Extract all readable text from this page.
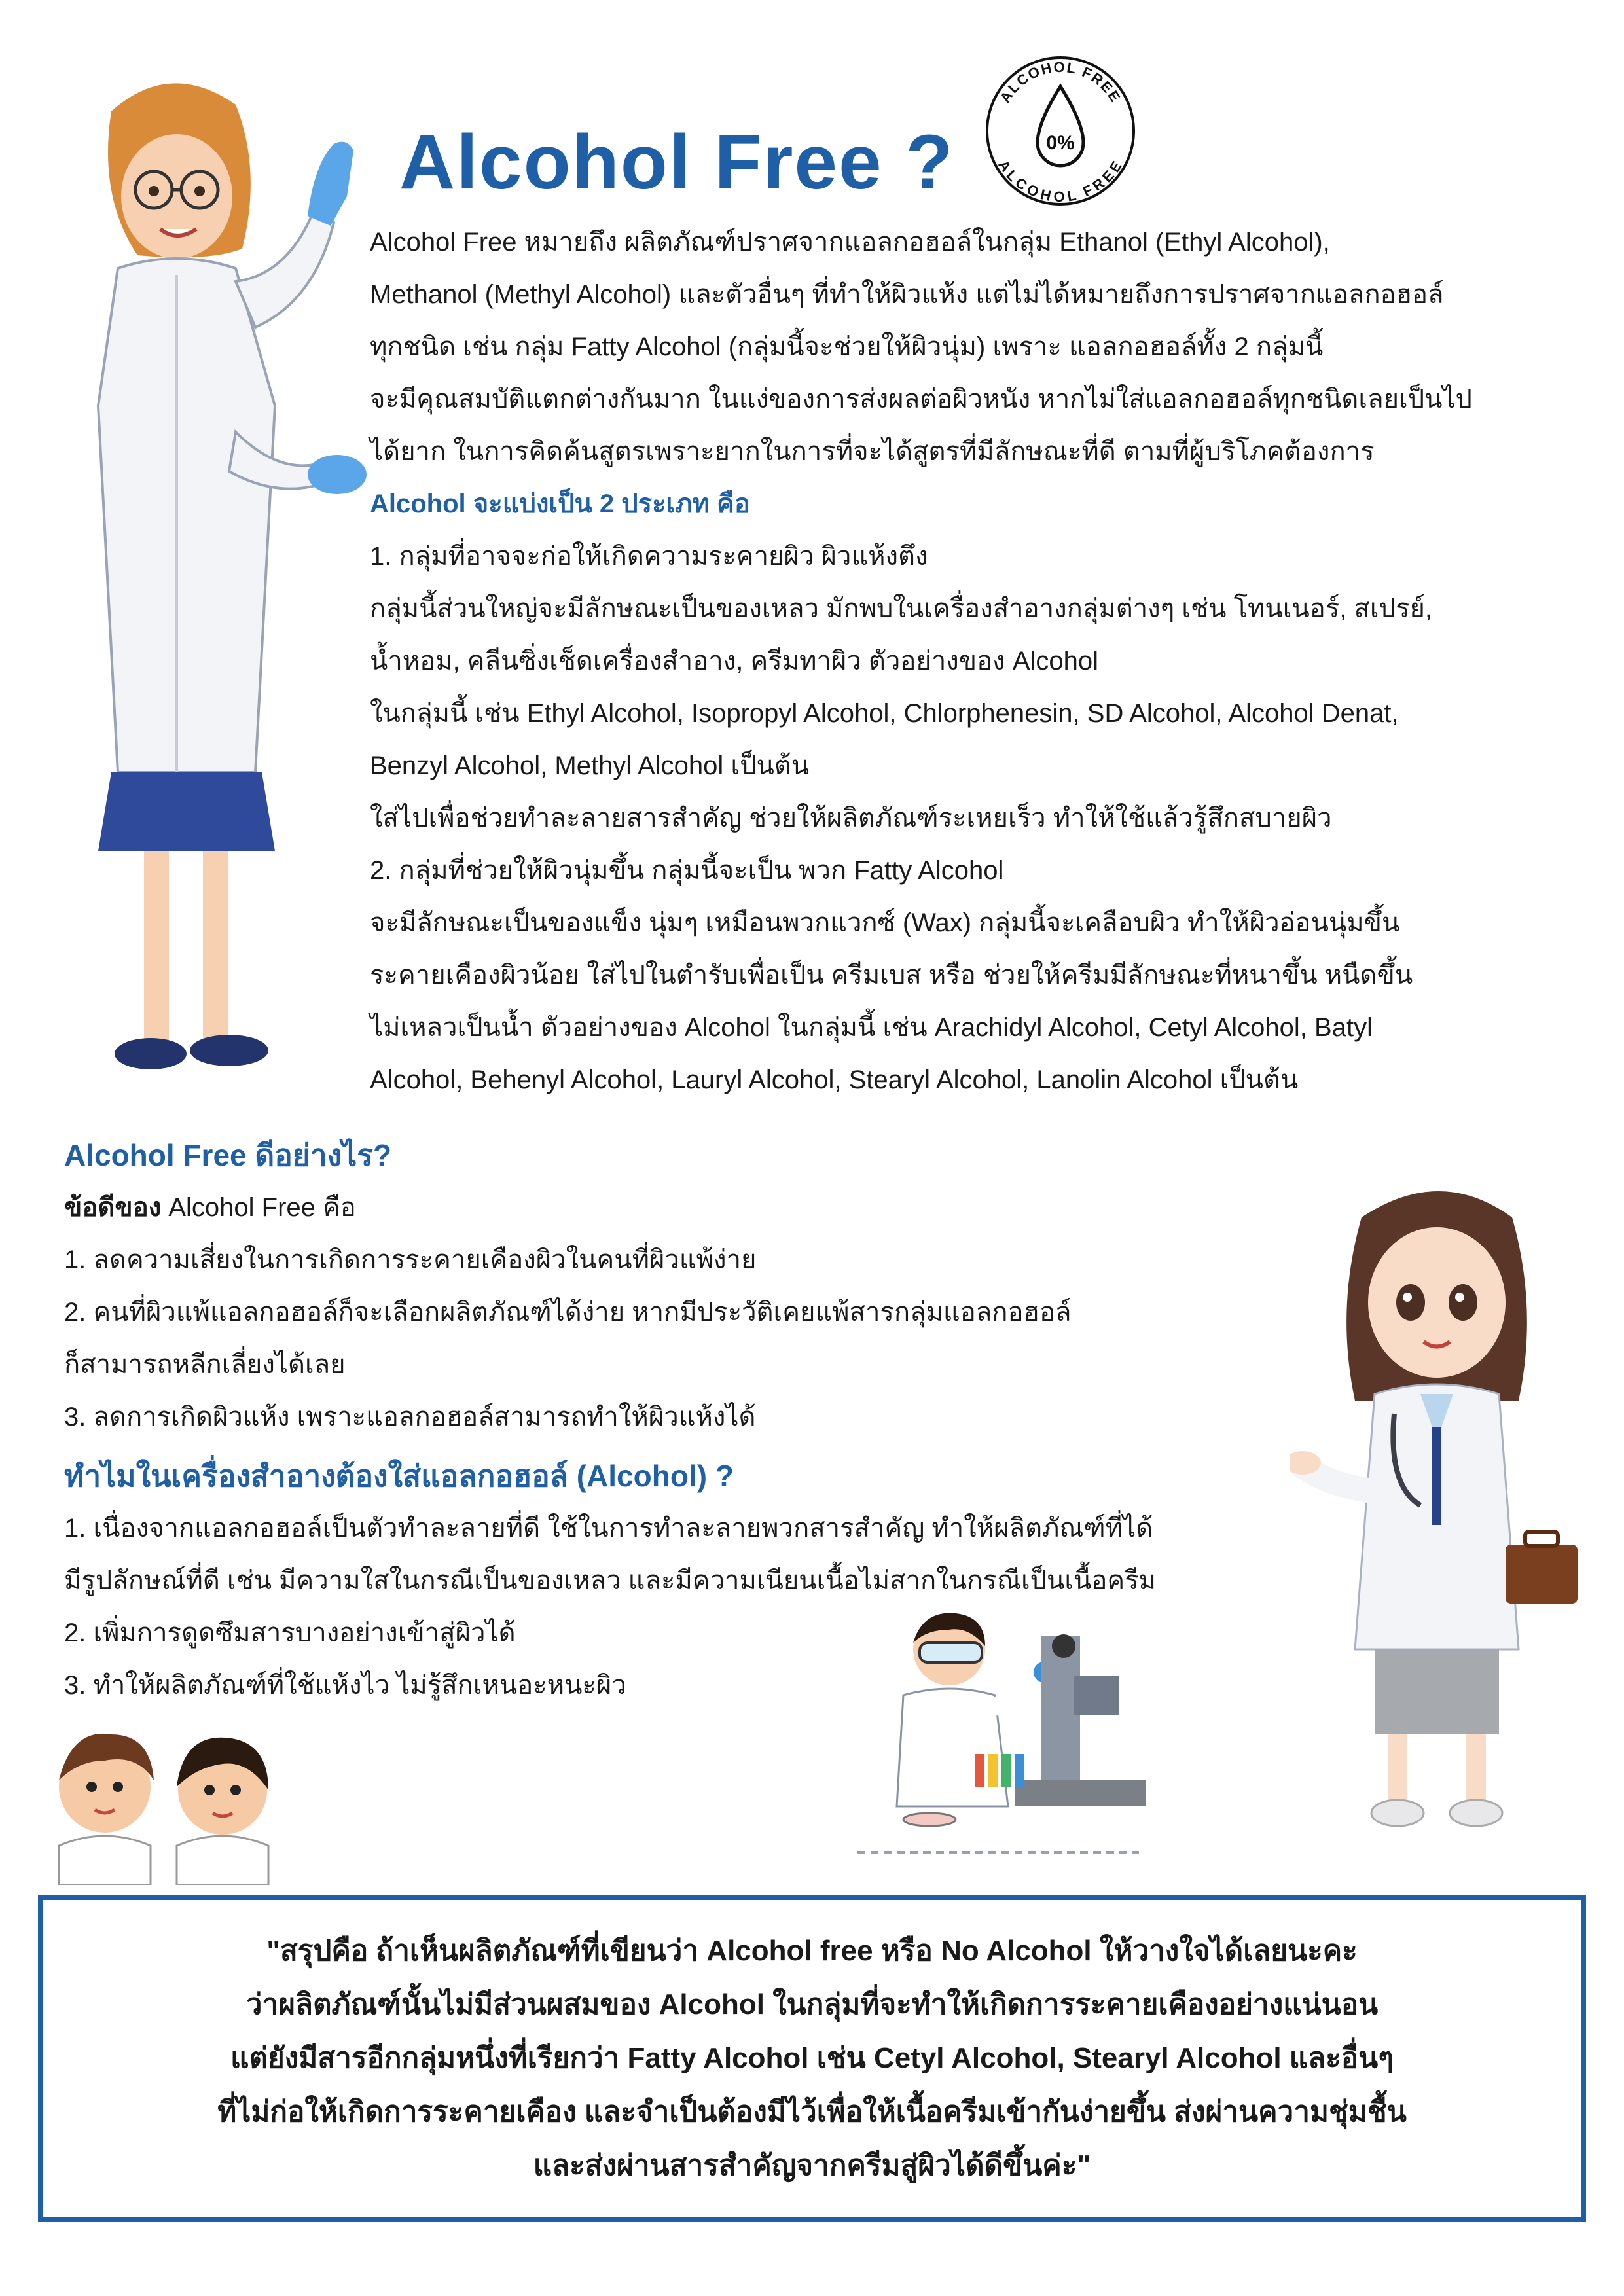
Alcohol Free ?
ALCOHOL FREE
ALCOHOL FREE
0%

Alcohol Free หมายถึง ผลิตภัณฑ์ปราศจากแอลกอฮอล์ในกลุ่ม Ethanol (Ethyl Alcohol),

Methanol (Methyl Alcohol) และตัวอื่นๆ ที่ทำให้ผิวแห้ง แต่ไม่ได้หมายถึงการปราศจากแอลกอฮอล์

ทุกชนิด เช่น กลุ่ม Fatty Alcohol (กลุ่มนี้จะช่วยให้ผิวนุ่ม) เพราะ แอลกอฮอล์ทั้ง 2 กลุ่มนี้

จะมีคุณสมบัติแตกต่างกันมาก ในแง่ของการส่งผลต่อผิวหนัง หากไม่ใส่แอลกอฮอล์ทุกชนิดเลยเป็นไป

ได้ยาก ในการคิดค้นสูตรเพราะยากในการที่จะได้สูตรที่มีลักษณะที่ดี ตามที่ผู้บริโภคต้องการ

Alcohol จะแบ่งเป็น 2 ประเภท คือ

1. กลุ่มที่อาจจะก่อให้เกิดความระคายผิว ผิวแห้งตึง

กลุ่มนี้ส่วนใหญ่จะมีลักษณะเป็นของเหลว มักพบในเครื่องสำอางกลุ่มต่างๆ เช่น โทนเนอร์, สเปรย์,

น้ำหอม, คลีนซิ่งเช็ดเครื่องสำอาง, ครีมทาผิว ตัวอย่างของ Alcohol

ในกลุ่มนี้ เช่น Ethyl Alcohol, Isopropyl Alcohol, Chlorphenesin, SD Alcohol, Alcohol Denat,

Benzyl Alcohol, Methyl Alcohol เป็นต้น

ใส่ไปเพื่อช่วยทำละลายสารสำคัญ ช่วยให้ผลิตภัณฑ์ระเหยเร็ว ทำให้ใช้แล้วรู้สึกสบายผิว

2. กลุ่มที่ช่วยให้ผิวนุ่มขึ้น กลุ่มนี้จะเป็น พวก Fatty Alcohol

จะมีลักษณะเป็นของแข็ง นุ่มๆ เหมือนพวกแวกซ์ (Wax) กลุ่มนี้จะเคลือบผิว ทำให้ผิวอ่อนนุ่มขึ้น

ระคายเคืองผิวน้อย ใส่ไปในตำรับเพื่อเป็น ครีมเบส หรือ ช่วยให้ครีมมีลักษณะที่หนาขึ้น หนืดขึ้น

ไม่เหลวเป็นน้ำ ตัวอย่างของ Alcohol ในกลุ่มนี้ เช่น Arachidyl Alcohol, Cetyl Alcohol, Batyl

Alcohol, Behenyl Alcohol, Lauryl Alcohol, Stearyl Alcohol, Lanolin Alcohol เป็นต้น

Alcohol Free ดีอย่างไร?

ข้อดีของ Alcohol Free คือ

1. ลดความเสี่ยงในการเกิดการระคายเคืองผิวในคนที่ผิวแพ้ง่าย

2. คนที่ผิวแพ้แอลกอฮอล์ก็จะเลือกผลิตภัณฑ์ได้ง่าย หากมีประวัติเคยแพ้สารกลุ่มแอลกอฮอล์

ก็สามารถหลีกเลี่ยงได้เลย

3. ลดการเกิดผิวแห้ง เพราะแอลกอฮอล์สามารถทำให้ผิวแห้งได้

ทำไมในเครื่องสำอางต้องใส่แอลกอฮอล์ (Alcohol) ?

1. เนื่องจากแอลกอฮอล์เป็นตัวทำละลายที่ดี ใช้ในการทำละลายพวกสารสำคัญ ทำให้ผลิตภัณฑ์ที่ได้

มีรูปลักษณ์ที่ดี เช่น มีความใสในกรณีเป็นของเหลว และมีความเนียนเนื้อไม่สากในกรณีเป็นเนื้อครีม

2. เพิ่มการดูดซึมสารบางอย่างเข้าสู่ผิวได้

3. ทำให้ผลิตภัณฑ์ที่ใช้แห้งไว ไม่รู้สึกเหนอะหนะผิว

"สรุปคือ ถ้าเห็นผลิตภัณฑ์ที่เขียนว่า Alcohol free หรือ No Alcohol ให้วางใจได้เลยนะคะ

ว่าผลิตภัณฑ์นั้นไม่มีส่วนผสมของ Alcohol ในกลุ่มที่จะทำให้เกิดการระคายเคืองอย่างแน่นอน

แต่ยังมีสารอีกกลุ่มหนึ่งที่เรียกว่า Fatty Alcohol เช่น Cetyl Alcohol, Stearyl Alcohol และอื่นๆ

ที่ไม่ก่อให้เกิดการระคายเคือง และจำเป็นต้องมีไว้เพื่อให้เนื้อครีมเข้ากันง่ายขึ้น ส่งผ่านความชุ่มชื้น

และส่งผ่านสารสำคัญจากครีมสู่ผิวได้ดีขึ้นค่ะ"
